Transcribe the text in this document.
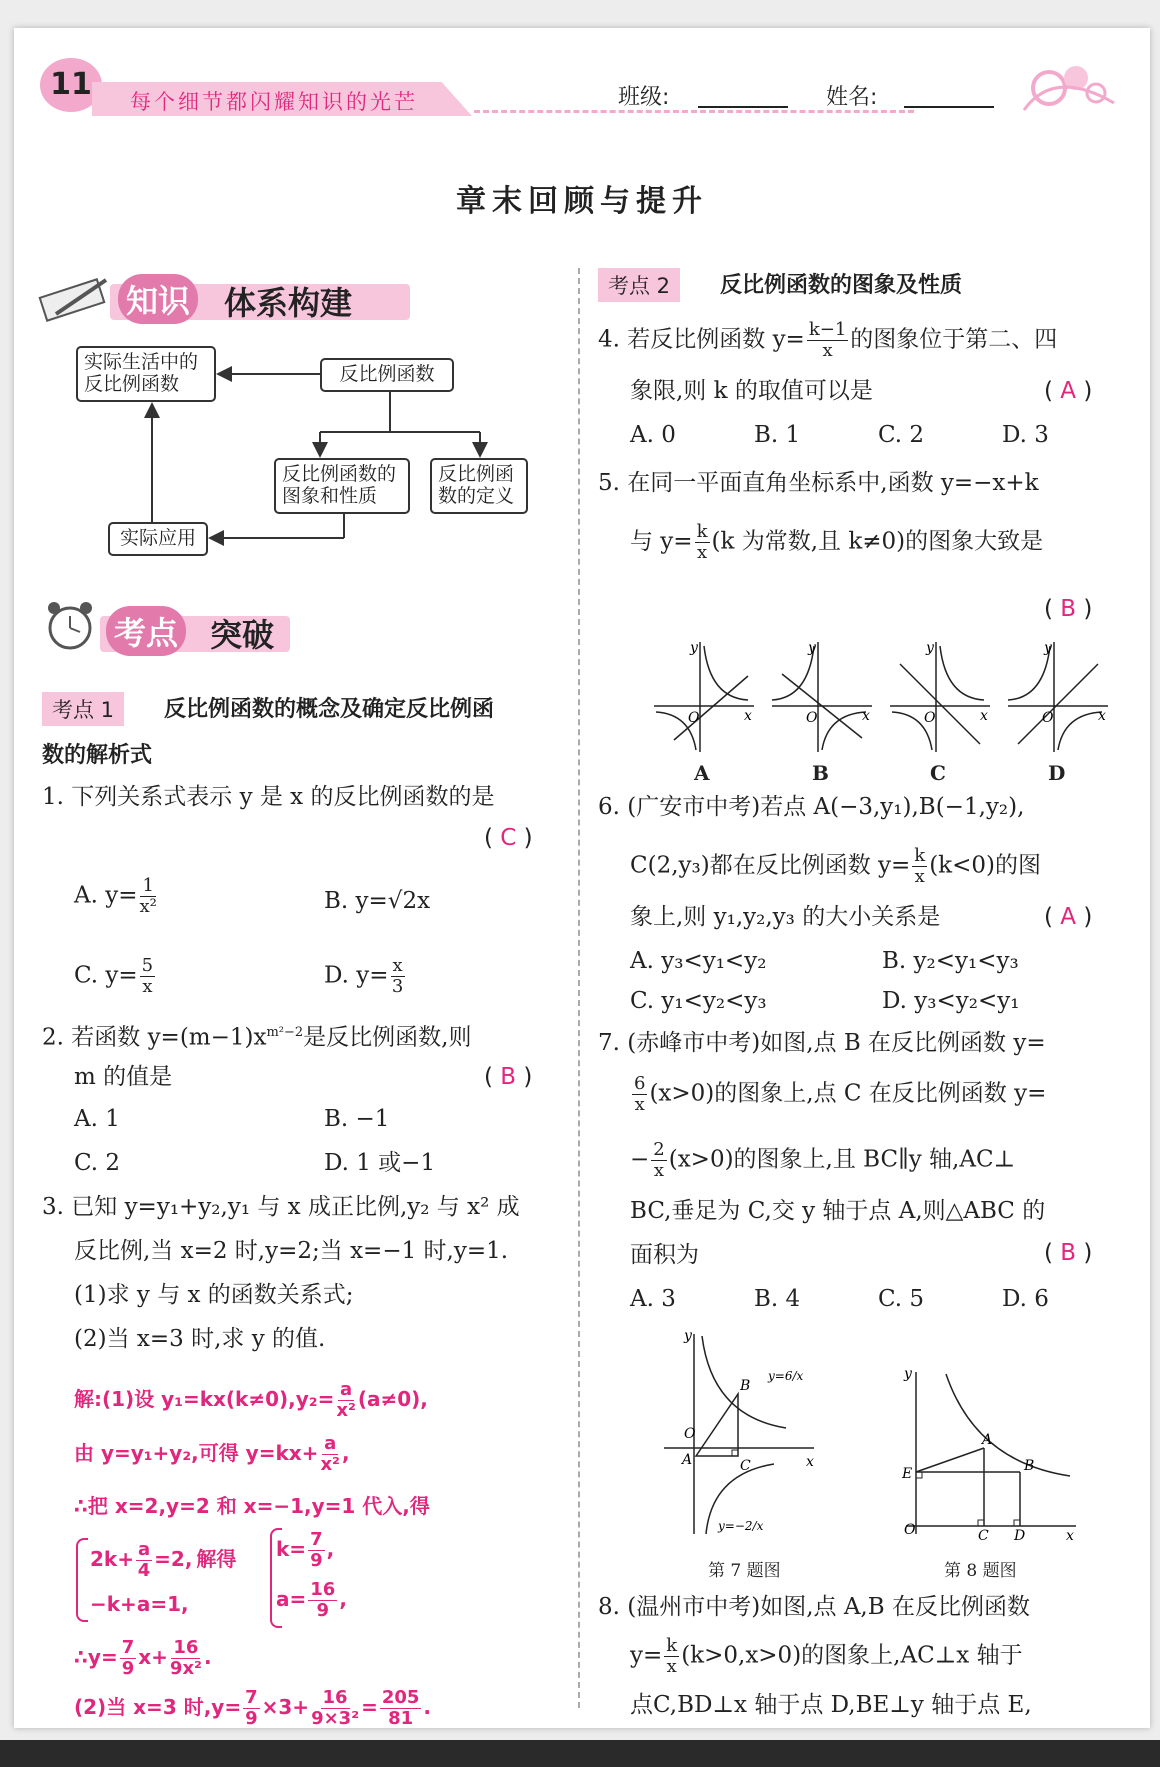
11	每个细节都闪耀知识的光芒	班级:	姓名:
章末回顾与提升
知识 体系构建
实际生活中的反比例函数	反比例函数
反比例函数的图象和性质
反比例函数的定义
实际应用
考点 突破
考点 1	反比例函数的概念及确定反比例函
数的解析式
1. 下列关系式表示 y 是 x 的反比例函数的是
( C )
A. $y= \frac{1}{\text{x²}}$	B. y=√2x
C. $y= \frac{5}{x}$	D. $y= \frac{x}{3}$
2. 若函数 $y=(m-1)x^{m^2-2}$是反比例函数,则
m 的值是	( B )
A. 1	B. −1
C. 2	D. 1 或−1
3. 已知 y=y₁+y₂,y₁ 与 x 成正比例,y₂ 与 x² 成
反比例,当 x=2 时,y=2;当 x=−1 时,y=1.
(1)求 y 与 x 的函数关系式;
(2)当 x=3 时,求 y 的值.
解:(1)设 $y_1=kx(k\ne 0),y_2= \frac{a}{\text{x²}} (a\ne 0)$,
由 y=y₁+y₂,可得 $y=kx+ \frac{a}{\text{x²}}$ ,
∴把 x=2,y=2 和 x=−1,y=1 代入,得
$2k+ \frac{a}{4} =2$, 解得
−k+a=1,
$k= \frac{7}{9}$ ,
$a= \frac{16}{9}$ ,
∴y= $\frac{7}{9} x+ \frac{16}{\text{9x²}}$ .
(2)当 x=3 时$,y= \frac{7}{9} \times 3+ \frac{16}{\text{9×3²}} = \frac{205}{81}$ .
考点 2	反比例函数的图象及性质
4. 若反比例函数 $y= \frac{k-1}{x}$ 的图象位于第二、四
象限,则 k 的取值可以是	( A )
A. 0	B. 1	C. 2	D. 3
5. 在同一平面直角坐标系中,函数 y=−x+k
与 $y= \frac{k}{x} (k$ 为常数,且 k≠0)的图象大致是
( B )
O	x
y
O	x
y
O	x
y
O	x
y
A	B	C	D
6. (广安市中考)若点 A(−3,y₁),B(−1,y₂),
C(2,y₃)都在反比例函数 $y= \frac{k}{x} (k<0)$的图
象上,则 y₁,y₂,y₃ 的大小关系是	( A )
A. y₃<y₁<y₂	B. y₂<y₁<y₃
C. y₁<y₂<y₃	D. y₃<y₂<y₁
7. (赤峰市中考)如图,点 B 在反比例函数 y=
$\frac{6}{x} (x>0)$的图象上,点 C 在反比例函数 y=
− $\frac{2}{x} (x>0)$的图象上,且 BC∥y 轴,AC⊥
BC,垂足为 C,交 y 轴于点 A,则△ABC 的
面积为	( B )
A. 3	B. 4	C. 5	D. 6
O
A
B
C	x
y
y=6/x
y=−2/x
第 7 题图
O
E
A
B
C D	x
y
第 8 题图
8. (温州市中考)如图,点 A,B 在反比例函数
$y= \frac{k}{x} (k>0,x>0)$的图象上,AC⊥x 轴于
点C,BD⊥x 轴于点 D,BE⊥y 轴于点 E,
